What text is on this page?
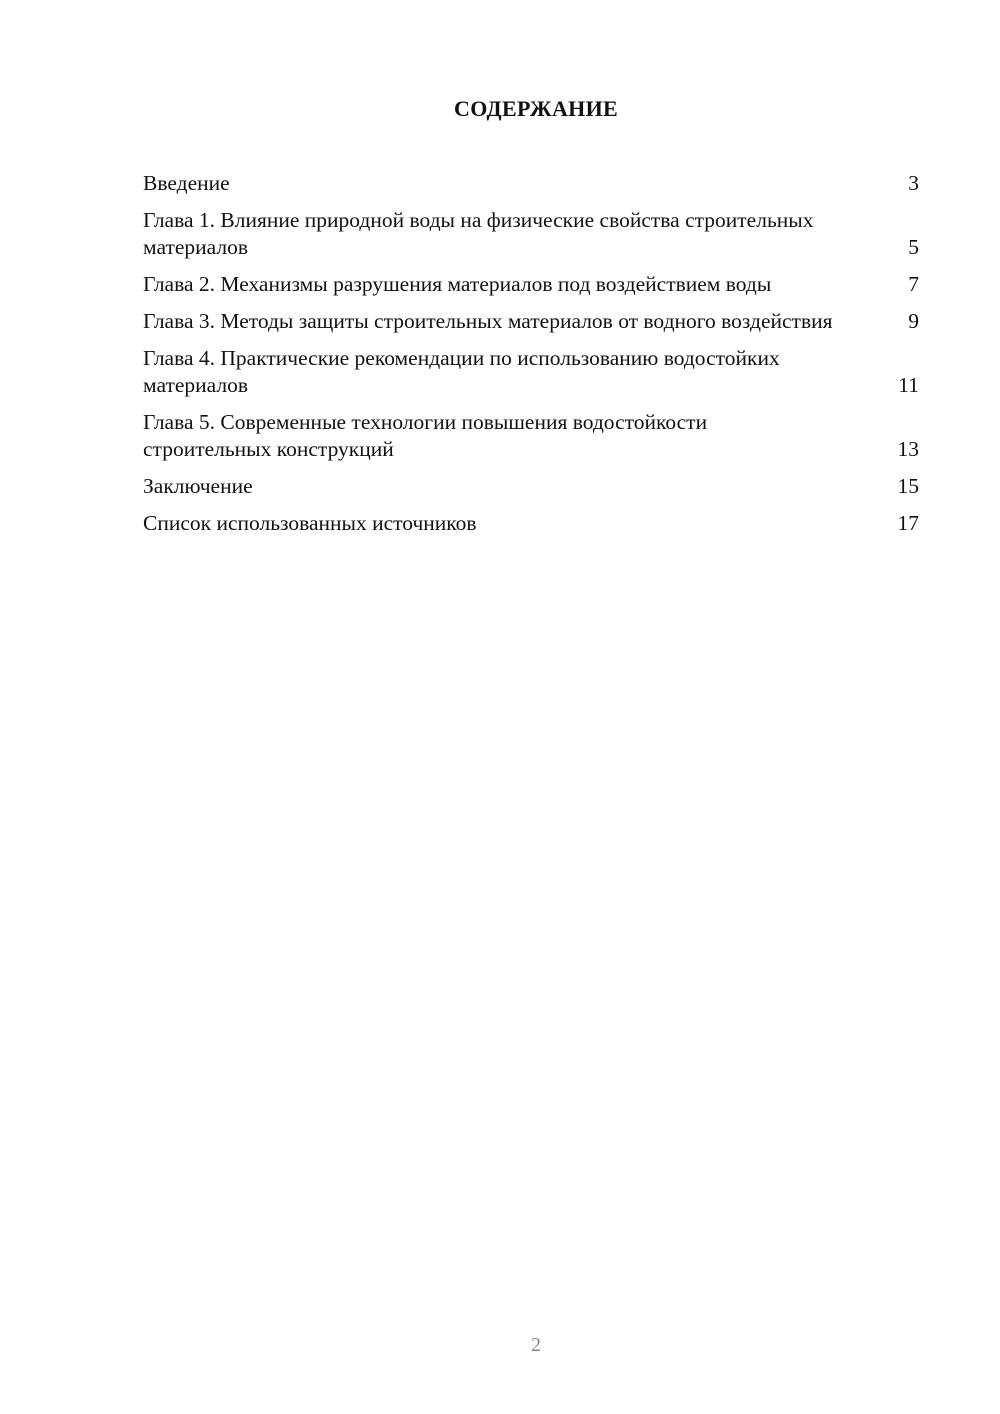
СОДЕРЖАНИЕ
Введение	3
Глава 1. Влияние природной воды на физические свойства строительных материалов	5
Глава 2. Механизмы разрушения материалов под воздействием воды	7
Глава 3. Методы защиты строительных материалов от водного воздействия	9
Глава 4. Практические рекомендации по использованию водостойких материалов	11
Глава 5. Современные технологии повышения водостойкости строительных конструкций	13
Заключение	15
Список использованных источников	17
2
